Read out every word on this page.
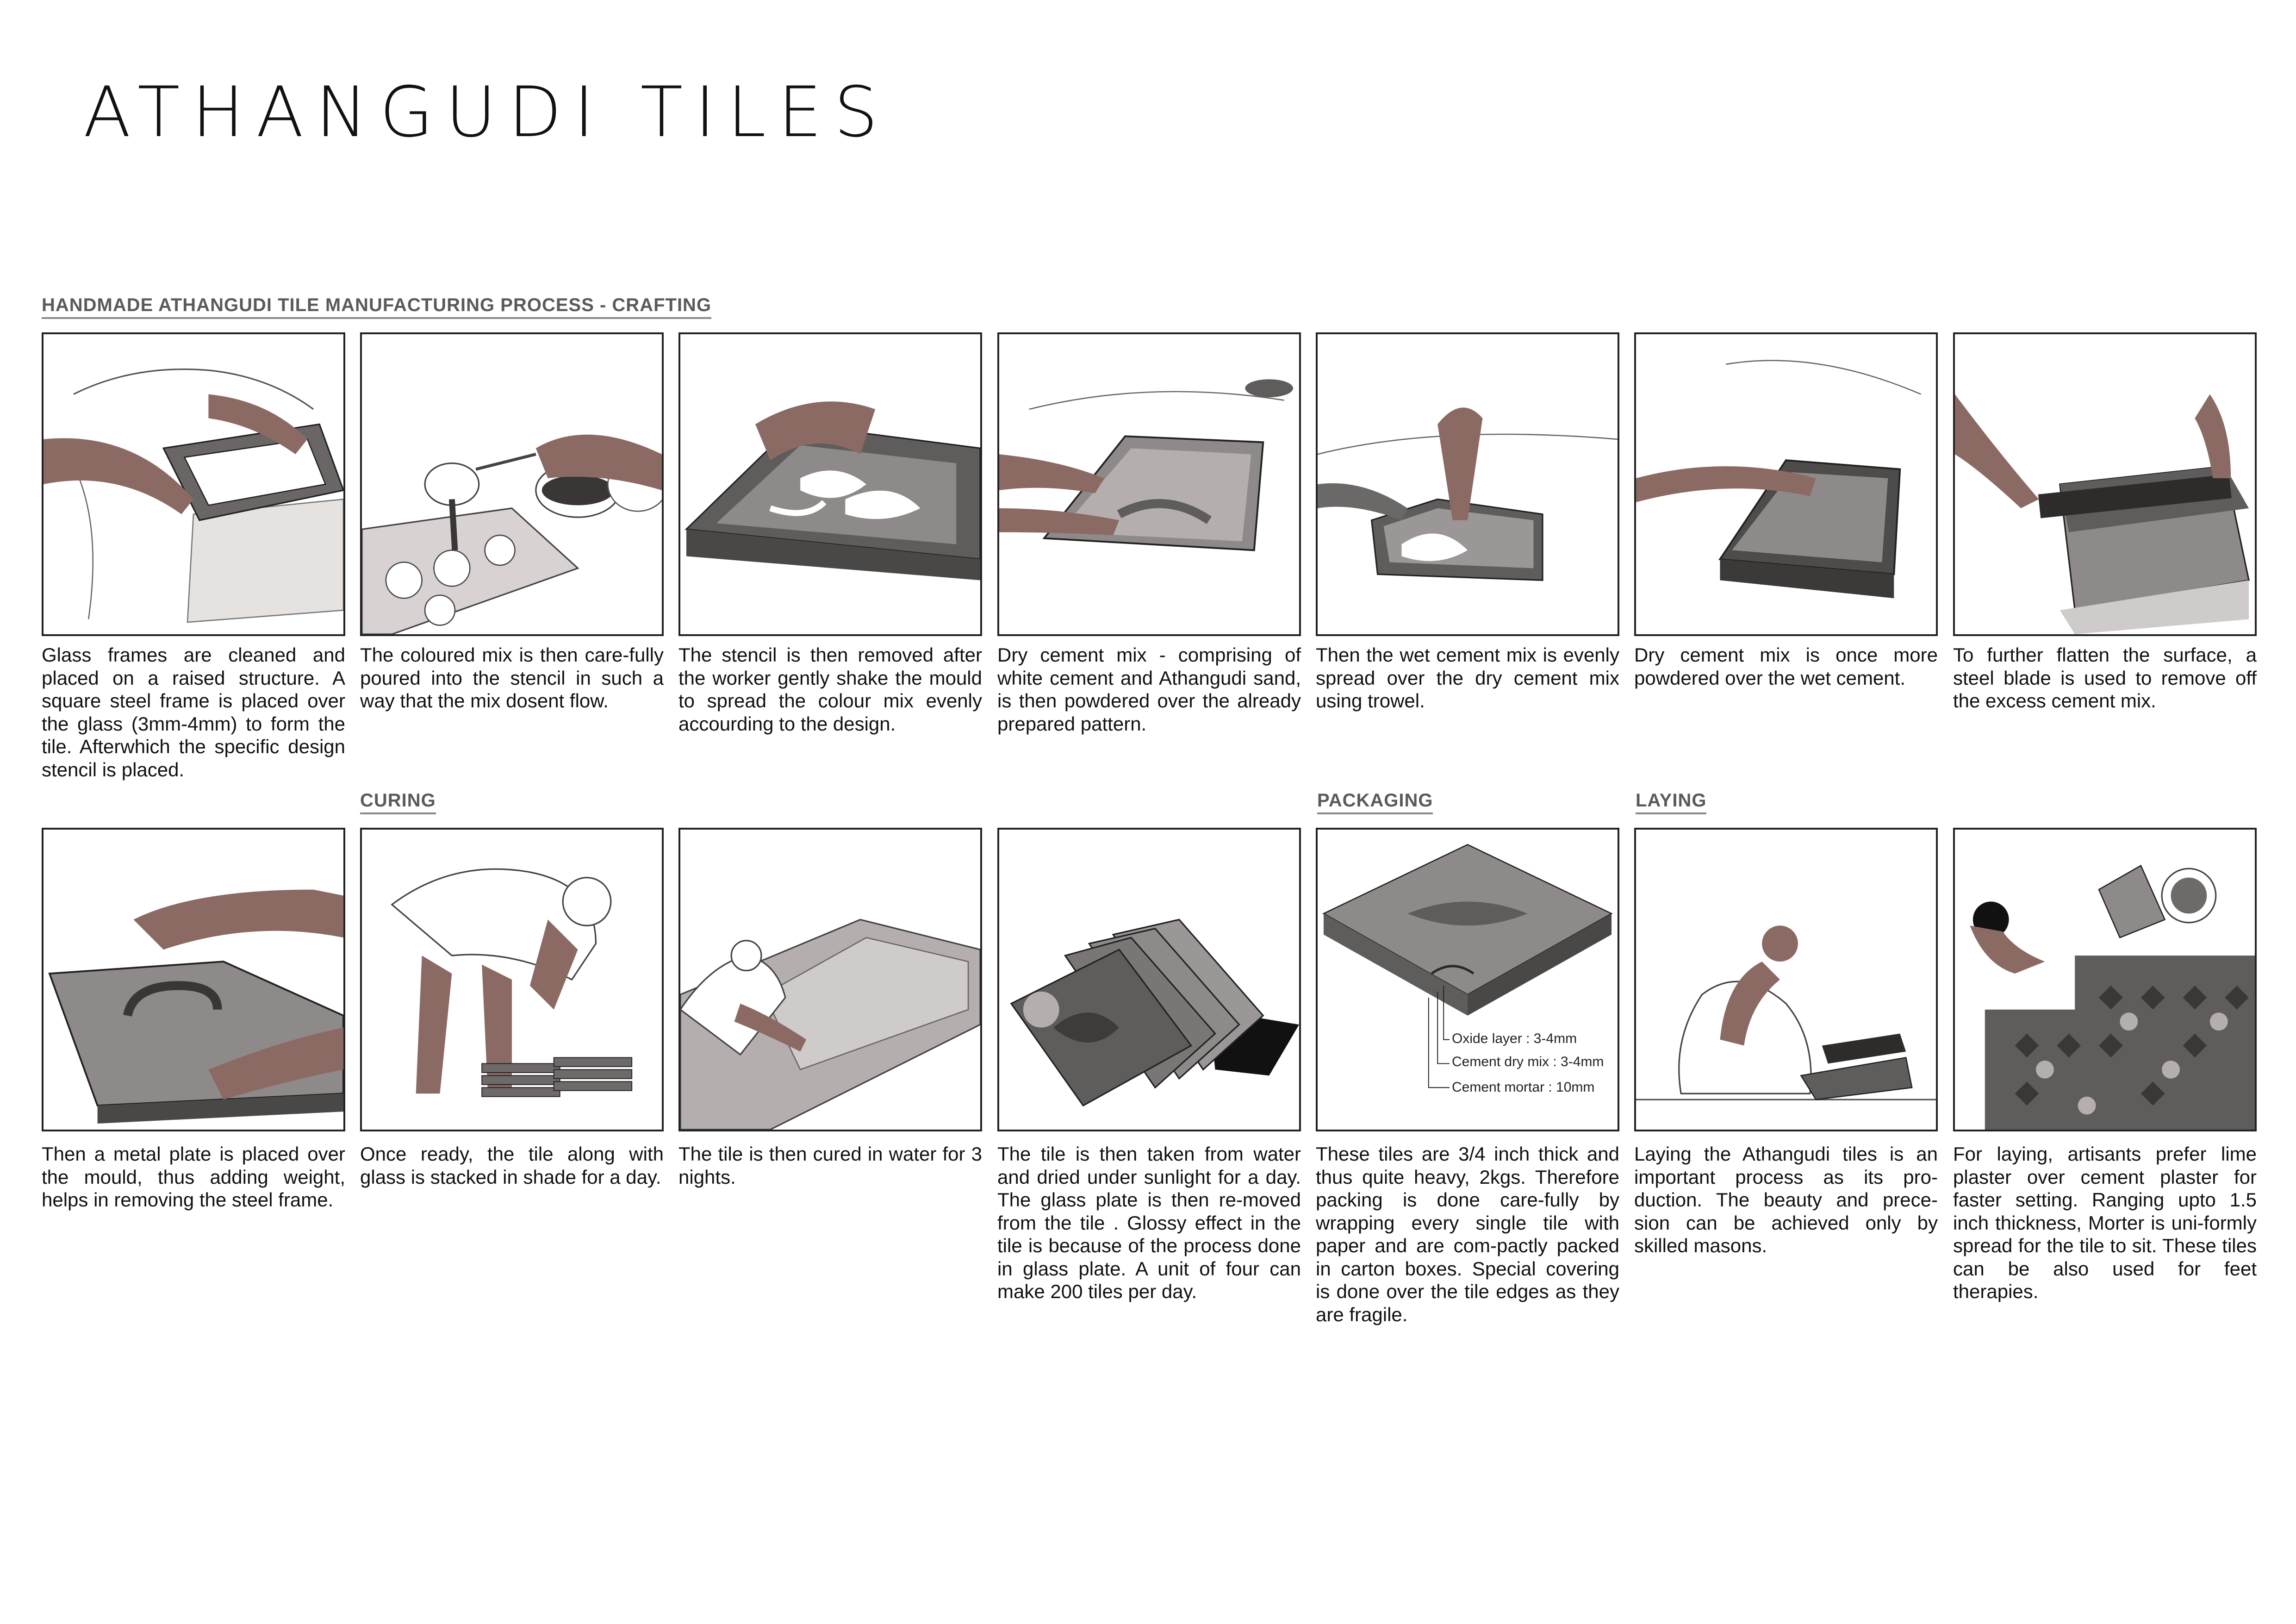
ATHANGUDI TILES
HANDMADE ATHANGUDI TILE MANUFACTURING PROCESS - CRAFTING
CURING	PACKAGING	LAYING
Glass frames are cleaned and placed on a raised structure. A square steel frame is placed over the glass (3mm-4mm) to form the tile. Afterwhich the specific design stencil is placed.
The coloured mix is then care-fully poured into the stencil in such a way that the mix dosent flow.
The stencil is then removed after the worker gently shake the mould to spread the colour mix evenly accourding to the design.
Dry cement mix - comprising of white cement and Athangudi sand, is then powdered over the already prepared pattern.
Then the wet cement mix is evenly spread over the dry cement mix using trowel.
Dry cement mix is once more powdered over the wet cement.
To further flatten the surface, a steel blade is used to remove off the excess cement mix.
Oxide layer : 3-4mm
Cement dry mix : 3-4mm
Cement mortar : 10mm
Then a metal plate is placed over the mould, thus adding weight, helps in removing the steel frame.
Once ready, the tile along with glass is stacked in shade for a day.
The tile is then cured in water for 3 nights.
The tile is then taken from water and dried under sunlight for a day. The glass plate is then re-moved from the tile . Glossy effect in the tile is because of the process done in glass plate. A unit of four can make 200 tiles per day.
These tiles are 3/4 inch thick and thus quite heavy, 2kgs. Therefore packing is done care-fully by wrapping every single tile with paper and are com-pactly packed in carton boxes. Special covering is done over the tile edges as they are fragile.
Laying the Athangudi tiles is an important process as its pro-duction. The beauty and prece-sion can be achieved only by skilled masons.
For laying, artisants prefer lime plaster over cement plaster for faster setting. Ranging upto 1.5 inch thickness, Morter is uni-formly spread for the tile to sit. These tiles can be also used for feet therapies.
